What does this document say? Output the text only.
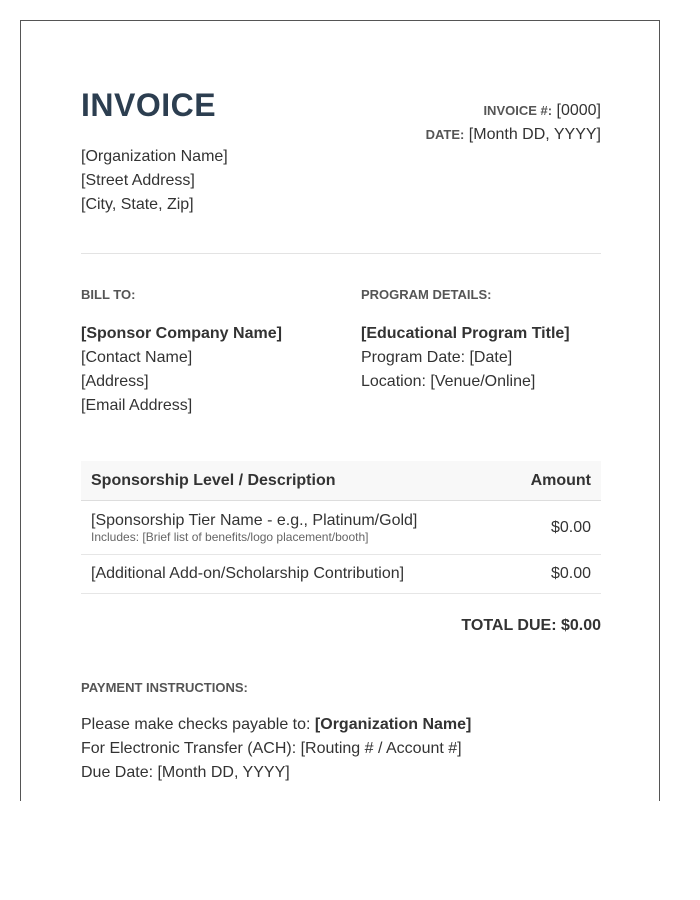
INVOICE	INVOICE #: [0000]
DATE: [Month DD, YYYY]
[Organization Name]
[Street Address]
[City, State, Zip]
BILL TO:
[Sponsor Company Name]
[Contact Name]
[Address]
[Email Address]
PROGRAM DETAILS:
[Educational Program Title]
Program Date: [Date]
Location: [Venue/Online]
Sponsorship Level / Description	Amount

[Sponsorship Tier Name - e.g., Platinum/Gold]
Includes: [Brief list of benefits/logo placement/booth]	$0.00
[Additional Add-on/Scholarship Contribution]	$0.00
TOTAL DUE: $0.00
PAYMENT INSTRUCTIONS:
Please make checks payable to: [Organization Name]
For Electronic Transfer (ACH): [Routing # / Account #]
Due Date: [Month DD, YYYY]
